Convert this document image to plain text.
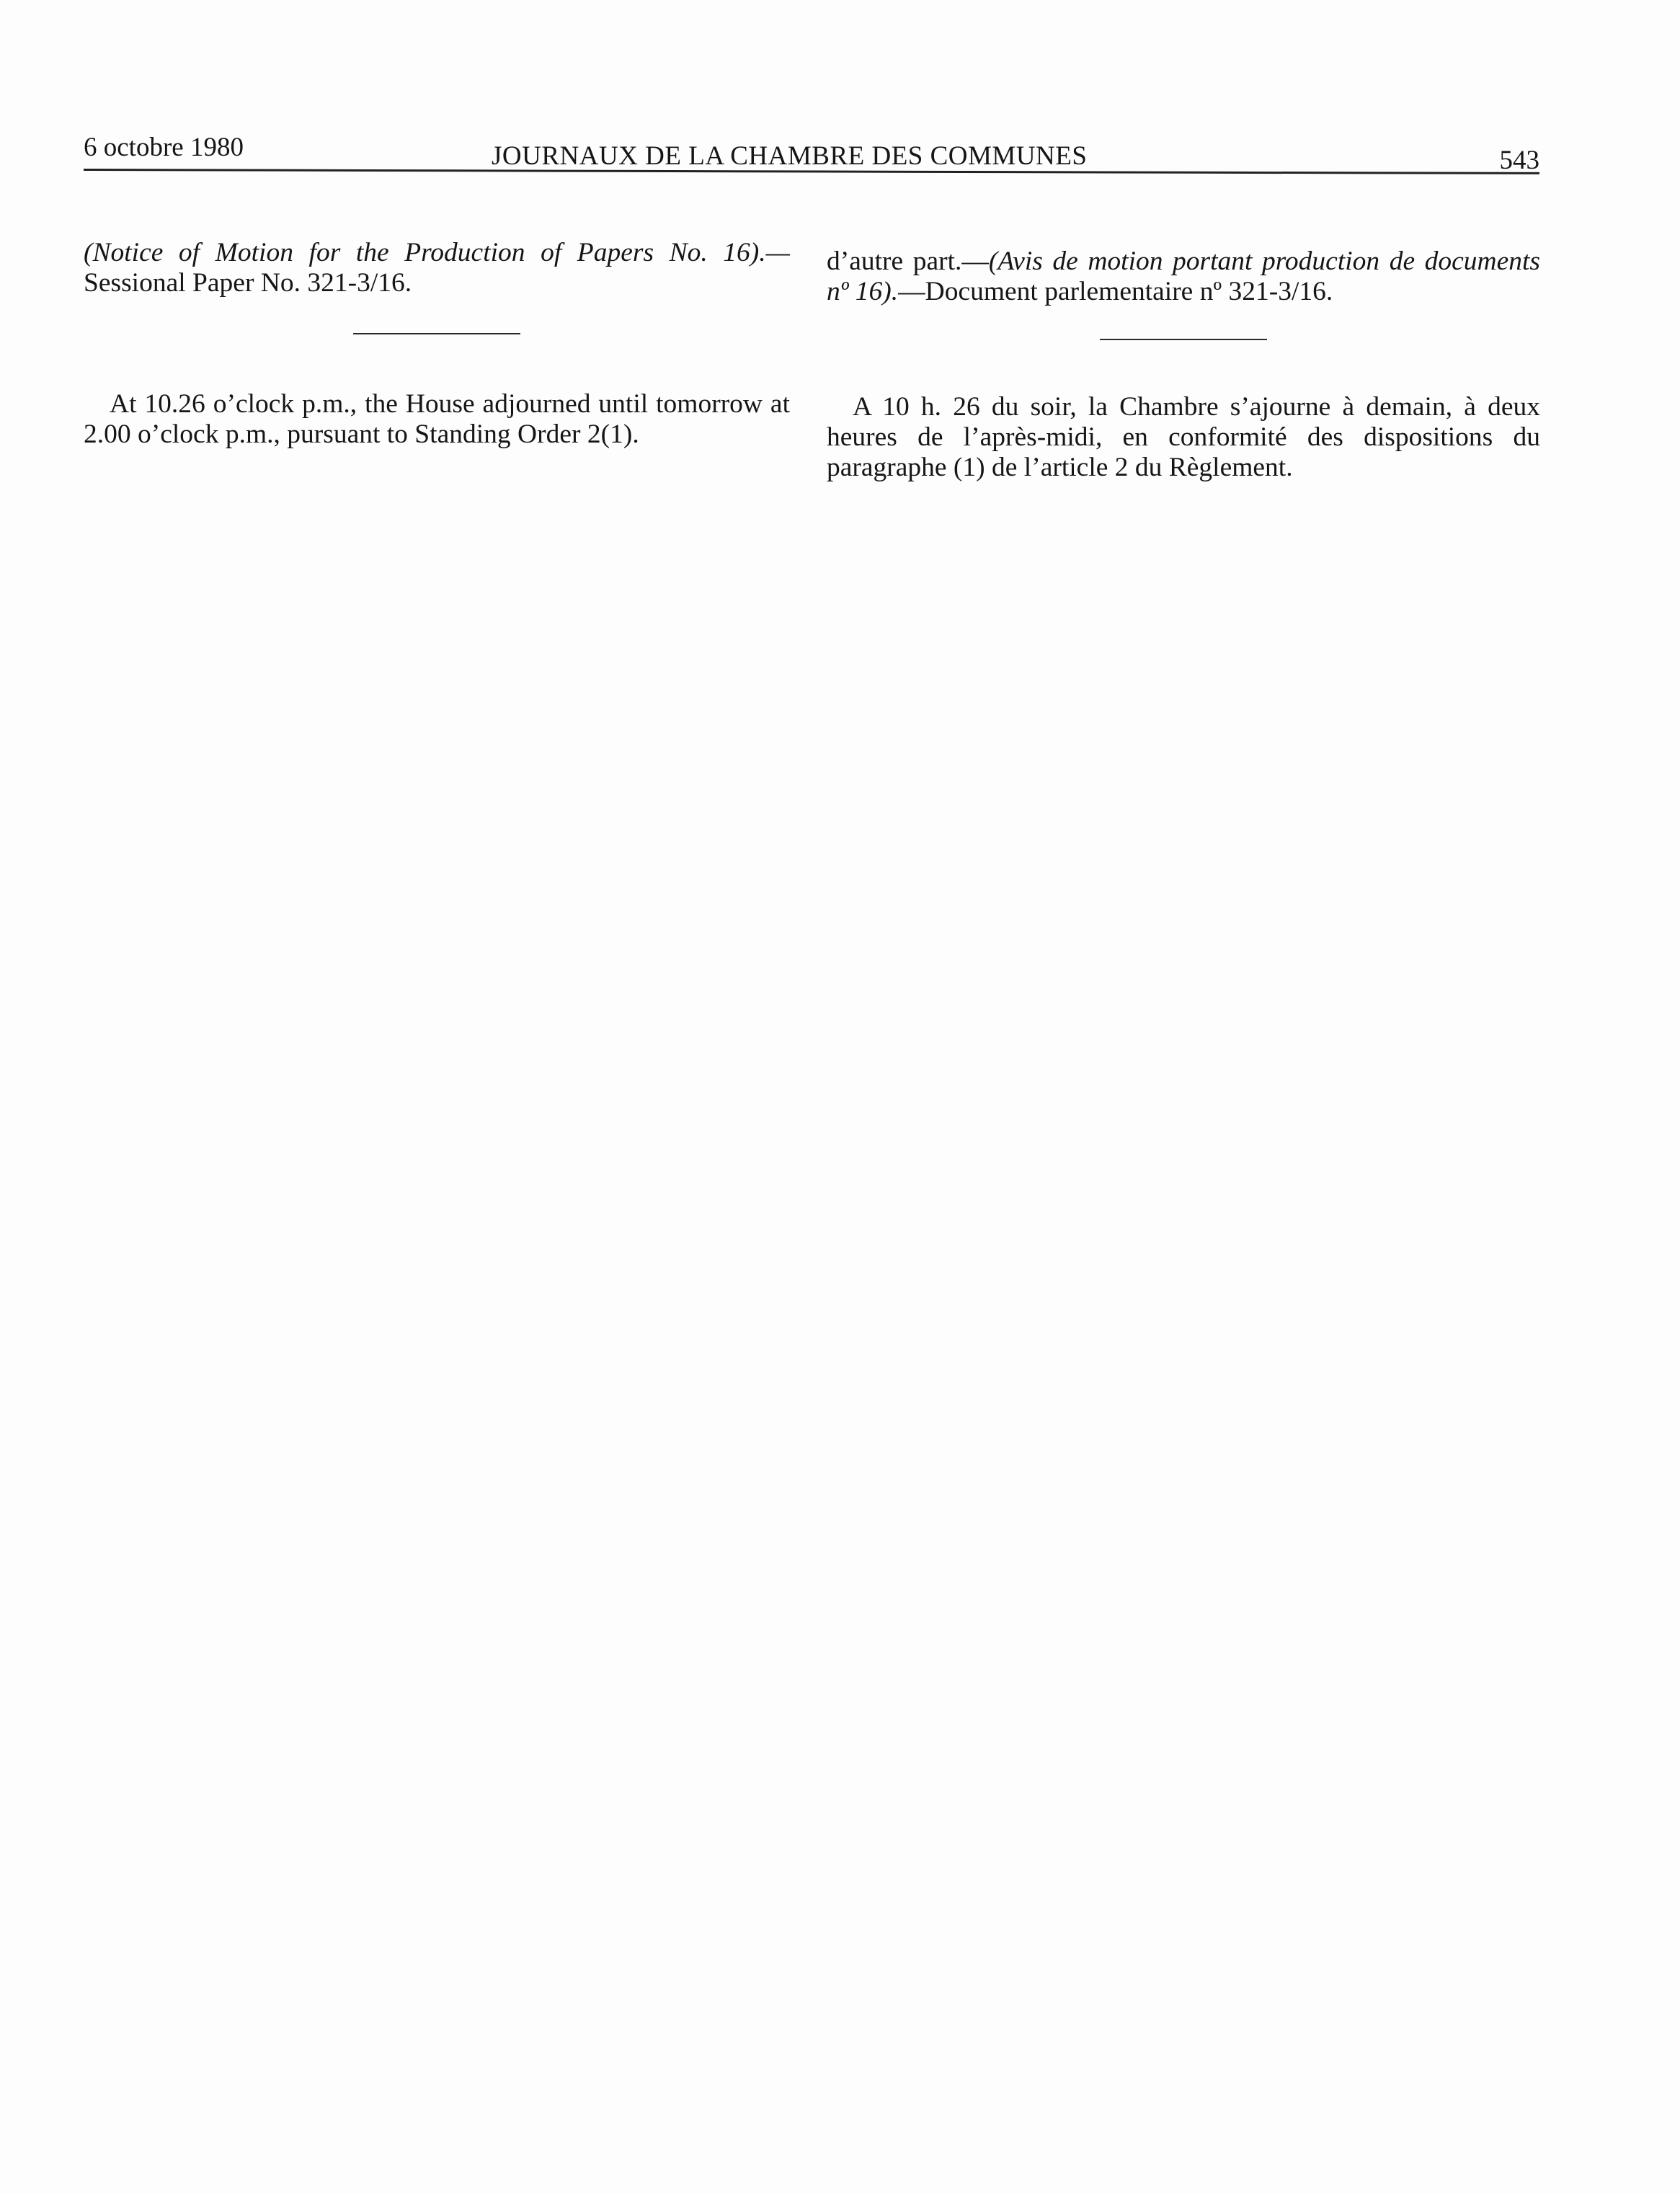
6 octobre 1980	JOURNAUX DE LA CHAMBRE DES COMMUNES	543

(Notice of Motion for the Production of Papers No. 16).— Sessional Paper No. 321-3/16.

At 10.26 o’clock p.m., the House adjourned until tomorrow at 2.00 o’clock p.m., pursuant to Standing Order 2(1).

d’autre part.—(Avis de motion portant production de documents nº 16).—Document parlementaire nº 321-3/16.

A 10 h. 26 du soir, la Chambre s’ajourne à demain, à deux heures de l’après-midi, en conformité des dispositions du paragraphe (1) de l’article 2 du Règlement.
